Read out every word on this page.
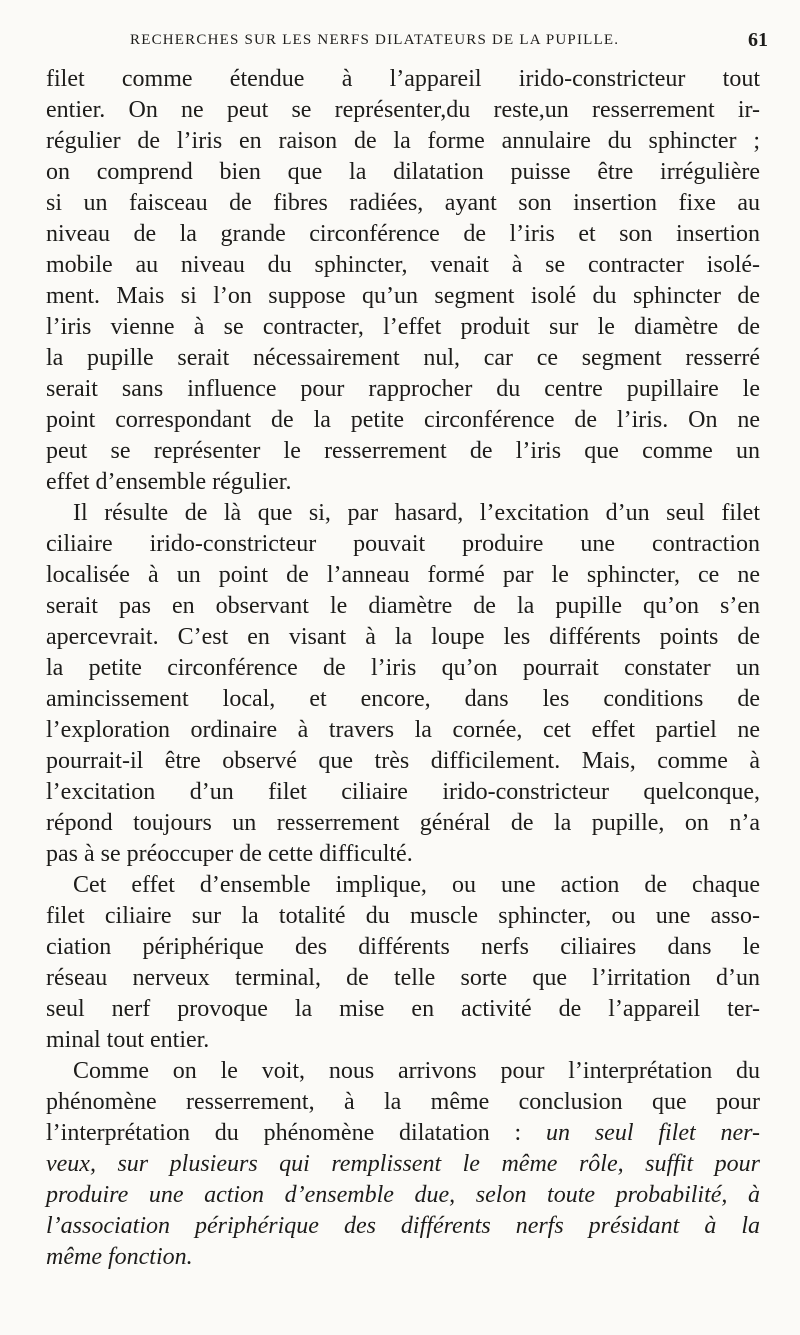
RECHERCHES SUR LES NERFS DILATATEURS DE LA PUPILLE.	61
filet comme étendue à l’appareil irido-constricteur tout
entier. On ne peut se représenter,du reste,un resserrement ir-
régulier de l’iris en raison de la forme annulaire du sphincter ;
on comprend bien que la dilatation puisse être irrégulière
si un faisceau de fibres radiées, ayant son insertion fixe au
niveau de la grande circonférence de l’iris et son insertion
mobile au niveau du sphincter, venait à se contracter isolé-
ment. Mais si l’on suppose qu’un segment isolé du sphincter de
l’iris vienne à se contracter, l’effet produit sur le diamètre de
la pupille serait nécessairement nul, car ce segment resserré
serait sans influence pour rapprocher du centre pupillaire le
point correspondant de la petite circonférence de l’iris. On ne
peut se représenter le resserrement de l’iris que comme un
effet d’ensemble régulier.
Il résulte de là que si, par hasard, l’excitation d’un seul filet
ciliaire irido-constricteur pouvait produire une contraction
localisée à un point de l’anneau formé par le sphincter, ce ne
serait pas en observant le diamètre de la pupille qu’on s’en
apercevrait. C’est en visant à la loupe les différents points de
la petite circonférence de l’iris qu’on pourrait constater un
amincissement local, et encore, dans les conditions de
l’exploration ordinaire à travers la cornée, cet effet partiel ne
pourrait-il être observé que très difficilement. Mais, comme à
l’excitation d’un filet ciliaire irido-constricteur quelconque,
répond toujours un resserrement général de la pupille, on n’a
pas à se préoccuper de cette difficulté.
Cet effet d’ensemble implique, ou une action de chaque
filet ciliaire sur la totalité du muscle sphincter, ou une asso-
ciation périphérique des différents nerfs ciliaires dans le
réseau nerveux terminal, de telle sorte que l’irritation d’un
seul nerf provoque la mise en activité de l’appareil ter-
minal tout entier.
Comme on le voit, nous arrivons pour l’interprétation du
phénomène resserrement, à la même conclusion que pour
l’interprétation du phénomène dilatation : un seul filet ner-
veux, sur plusieurs qui remplissent le même rôle, suffit pour
produire une action d’ensemble due, selon toute probabilité, à
l’association périphérique des différents nerfs présidant à la
même fonction.
